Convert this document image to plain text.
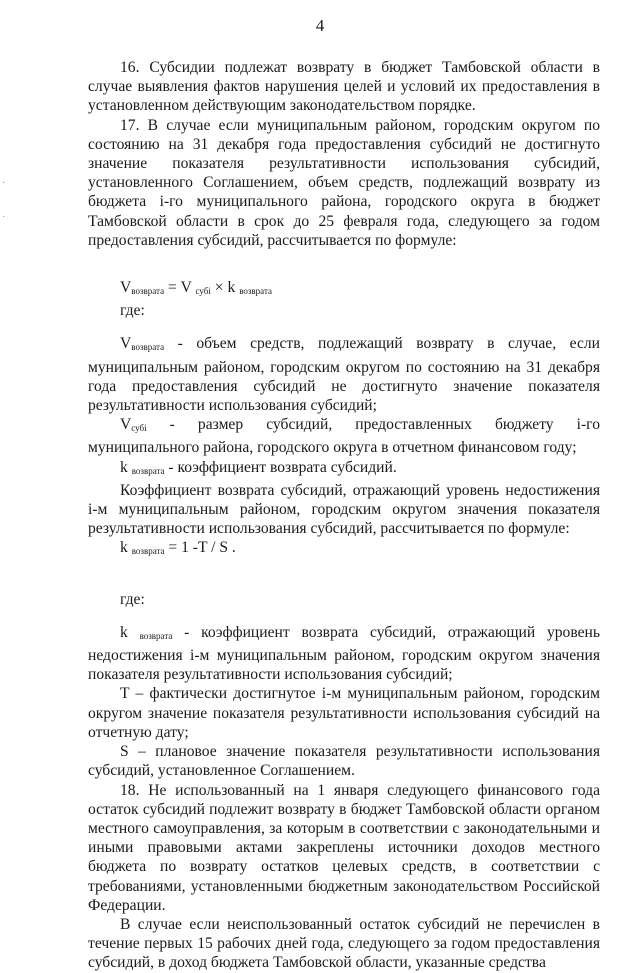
4
·
·

16. Субсидии подлежат возврату в бюджет Тамбовской области в случае выявления фактов нарушения целей и условий их предоставления в установленном действующим законодательством порядке.

17. В случае если муниципальным районом, городским округом по состоянию на 31 декабря года предоставления субсидий не достигнуто значение показателя результативности использования субсидий, установленного Соглашением, объем средств, подлежащий возврату из бюджета i-го муниципального района, городского округа в бюджет Тамбовской области в срок до 25 февраля года, следующего за годом предоставления субсидий, рассчитывается по формуле:

$V_{возврата} = V$ $_{субi}$ × k $_{возврата}$

где:

$V_{возврата}$ - объем средств, подлежащий возврату в случае, если муниципальным районом, городским округом по состоянию на 31 декабря года предоставления субсидий не достигнуто значение показателя результативности использования субсидий;

$V_{субi}$ - размер субсидий, предоставленных бюджету i-го муниципального района, городского округа в отчетном финансовом году;

k $_{возврата}$ - коэффициент возврата субсидий.

Коэффициент возврата субсидий, отражающий уровень недостижения i-м муниципальным районом, городским округом значения показателя результативности использования субсидий, рассчитывается по формуле:

k $_{возврата}$ = 1 -T / S .

где:

k $_{возврата}$ - коэффициент возврата субсидий, отражающий уровень недостижения i-м муниципальным районом, городским округом значения показателя результативности использования субсидий;

T – фактически достигнутое i-м муниципальным районом, городским округом значение показателя результативности использования субсидий на отчетную дату;

S – плановое значение показателя результативности использования субсидий, установленное Соглашением.

18. Не использованный на 1 января следующего финансового года остаток субсидий подлежит возврату в бюджет Тамбовской области органом местного самоуправления, за которым в соответствии с законодательными и иными правовыми актами закреплены источники доходов местного бюджета по возврату остатков целевых средств, в соответствии с требованиями, установленными бюджетным законодательством Российской Федерации.

В случае если неиспользованный остаток субсидий не перечислен в течение первых 15 рабочих дней года, следующего за годом предоставления субсидий, в доход бюджета Тамбовской области, указанные средства
